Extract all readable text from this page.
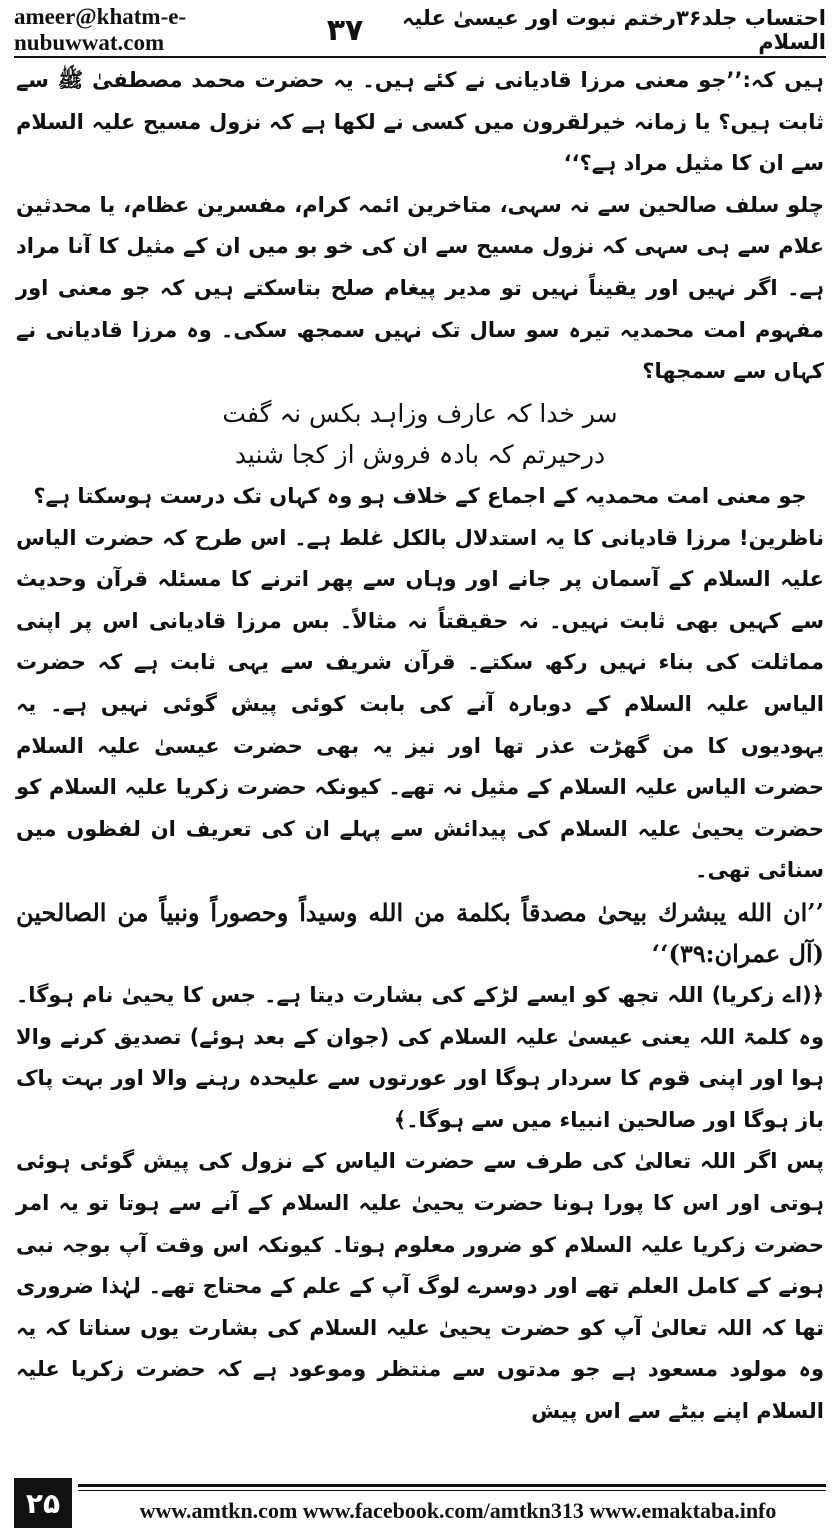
ameer@khatm-e-nubuwwat.com	۳۷	احتساب جلد۳۶رختم نبوت اور عیسیٰ علیہ السلام

ہیں کہ:’’جو معنی مرزا قادیانی نے کئے ہیں۔ یہ حضرت محمد مصطفیٰ ﷺ سے ثابت ہیں؟ یا زمانہ خیرلقرون میں کسی نے لکھا ہے کہ نزول مسیح علیہ السلام سے ان کا مثیل مراد ہے؟‘‘

چلو سلف صالحین سے نہ سہی، متاخرین ائمہ کرام، مفسرین عظام، یا محدثین علام سے ہی سہی کہ نزول مسیح سے ان کی خو بو میں ان کے مثیل کا آنا مراد ہے۔ اگر نہیں اور یقیناً نہیں تو مدیر پیغام صلح بتاسکتے ہیں کہ جو معنی اور مفہوم امت محمدیہ تیرہ سو سال تک نہیں سمجھ سکی۔ وہ مرزا قادیانی نے کہاں سے سمجھا؟

سر خدا کہ عارف وزاہد بکس نہ گفت

درحیرتم کہ بادہ فروش از کجا شنید

جو معنی امت محمدیہ کے اجماع کے خلاف ہو وہ کہاں تک درست ہوسکتا ہے؟

ناظرین! مرزا قادیانی کا یہ استدلال بالکل غلط ہے۔ اس طرح کہ حضرت الیاس علیہ السلام کے آسمان پر جانے اور وہاں سے پھر اترنے کا مسئلہ قرآن وحدیث سے کہیں بھی ثابت نہیں۔ نہ حقیقتاً نہ مثالاً۔ بس مرزا قادیانی اس پر اپنی مماثلت کی بناء نہیں رکھ سکتے۔ قرآن شریف سے یہی ثابت ہے کہ حضرت الیاس علیہ السلام کے دوبارہ آنے کی بابت کوئی پیش گوئی نہیں ہے۔ یہ یہودیوں کا من گھڑت عذر تھا اور نیز یہ بھی حضرت عیسیٰ علیہ السلام حضرت الیاس علیہ السلام کے مثیل نہ تھے۔ کیونکہ حضرت زکریا علیہ السلام کو حضرت یحییٰ علیہ السلام کی پیدائش سے پہلے ان کی تعریف ان لفظوں میں سنائی تھی۔

’’ان الله يبشرك بيحىٰ مصدقاً بكلمة من الله وسيداً وحصوراً ونبياً من الصالحين (آل عمران:۳۹)‘‘

﴿(اے زکریا) اللہ تجھ کو ایسے لڑکے کی بشارت دیتا ہے۔ جس کا یحییٰ نام ہوگا۔ وہ کلمۃ اللہ یعنی عیسیٰ علیہ السلام کی (جوان کے بعد ہوئے) تصدیق کرنے والا ہوا اور اپنی قوم کا سردار ہوگا اور عورتوں سے علیحدہ رہنے والا اور بہت پاک باز ہوگا اور صالحین انبیاء میں سے ہوگا۔﴾

پس اگر اللہ تعالیٰ کی طرف سے حضرت الیاس کے نزول کی پیش گوئی ہوئی ہوتی اور اس کا پورا ہونا حضرت یحییٰ علیہ السلام کے آنے سے ہوتا تو یہ امر حضرت زکریا علیہ السلام کو ضرور معلوم ہوتا۔ کیونکہ اس وقت آپ بوجہ نبی ہونے کے کامل العلم تھے اور دوسرے لوگ آپ کے علم کے محتاج تھے۔ لہٰذا ضروری تھا کہ اللہ تعالیٰ آپ کو حضرت یحییٰ علیہ السلام کی بشارت یوں سناتا کہ یہ وہ مولود مسعود ہے جو مدتوں سے منتظر وموعود ہے کہ حضرت زکریا علیہ السلام اپنے بیٹے سے اس پیش

۲۵	www.amtkn.com www.facebook.com/amtkn313 www.emaktaba.info
